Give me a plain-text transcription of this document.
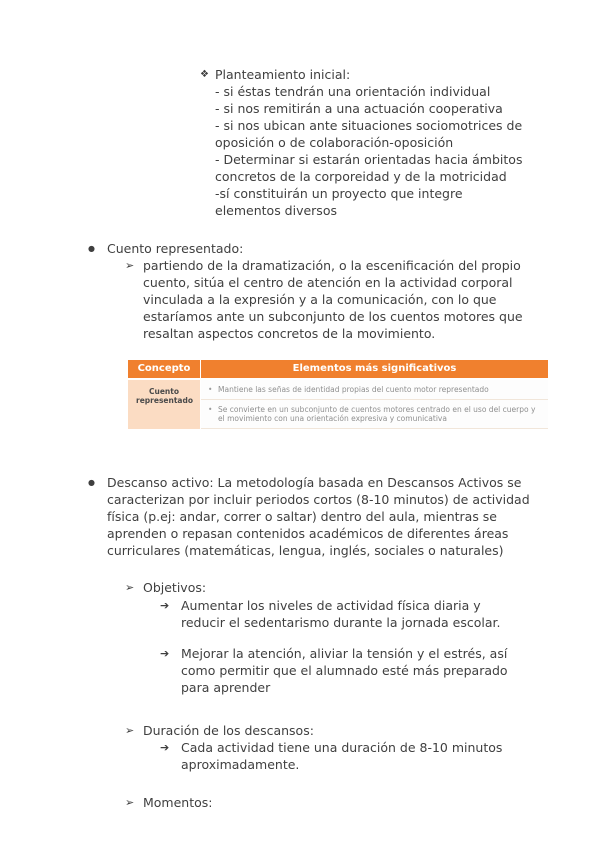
❖ Planteamiento inicial:

- si éstas tendrán una orientación individual

- si nos remitirán a una actuación cooperativa

- si nos ubican ante situaciones sociomotrices de oposición o de colaboración-oposición

- Determinar si estarán orientadas hacia ámbitos concretos de la corporeidad y de la motricidad

-sí constituirán un proyecto que integre elementos diversos

● Cuento representado:
➢ partiendo de la dramatización, o la escenificación del propio cuento, sitúa el centro de atención en la actividad corporal vinculada a la expresión y a la comunicación, con lo que estaríamos ante un subconjunto de los cuentos motores que resaltan aspectos concretos de la movimiento.

Concepto	Elementos más significativos
Cuento representado
• Mantiene las señas de identidad propias del cuento motor representado
• Se convierte en un subconjunto de cuentos motores centrado en el uso del cuerpo y el movimiento con una orientación expresiva y comunicativa
● Descanso activo: La metodología basada en Descansos Activos se caracterizan por incluir periodos cortos (8-10 minutos) de actividad física (p.ej: andar, correr o saltar) dentro del aula, mientras se aprenden o repasan contenidos académicos de diferentes áreas curriculares (matemáticas, lengua, inglés, sociales o naturales)

➢ Objetivos:
➔ Aumentar los niveles de actividad física diaria y reducir el sedentarismo durante la jornada escolar.

➔ Mejorar la atención, aliviar la tensión y el estrés, así como permitir que el alumnado esté más preparado para aprender

➢ Duración de los descansos:
➔ Cada actividad tiene una duración de 8-10 minutos aproximadamente.

➢ Momentos:
